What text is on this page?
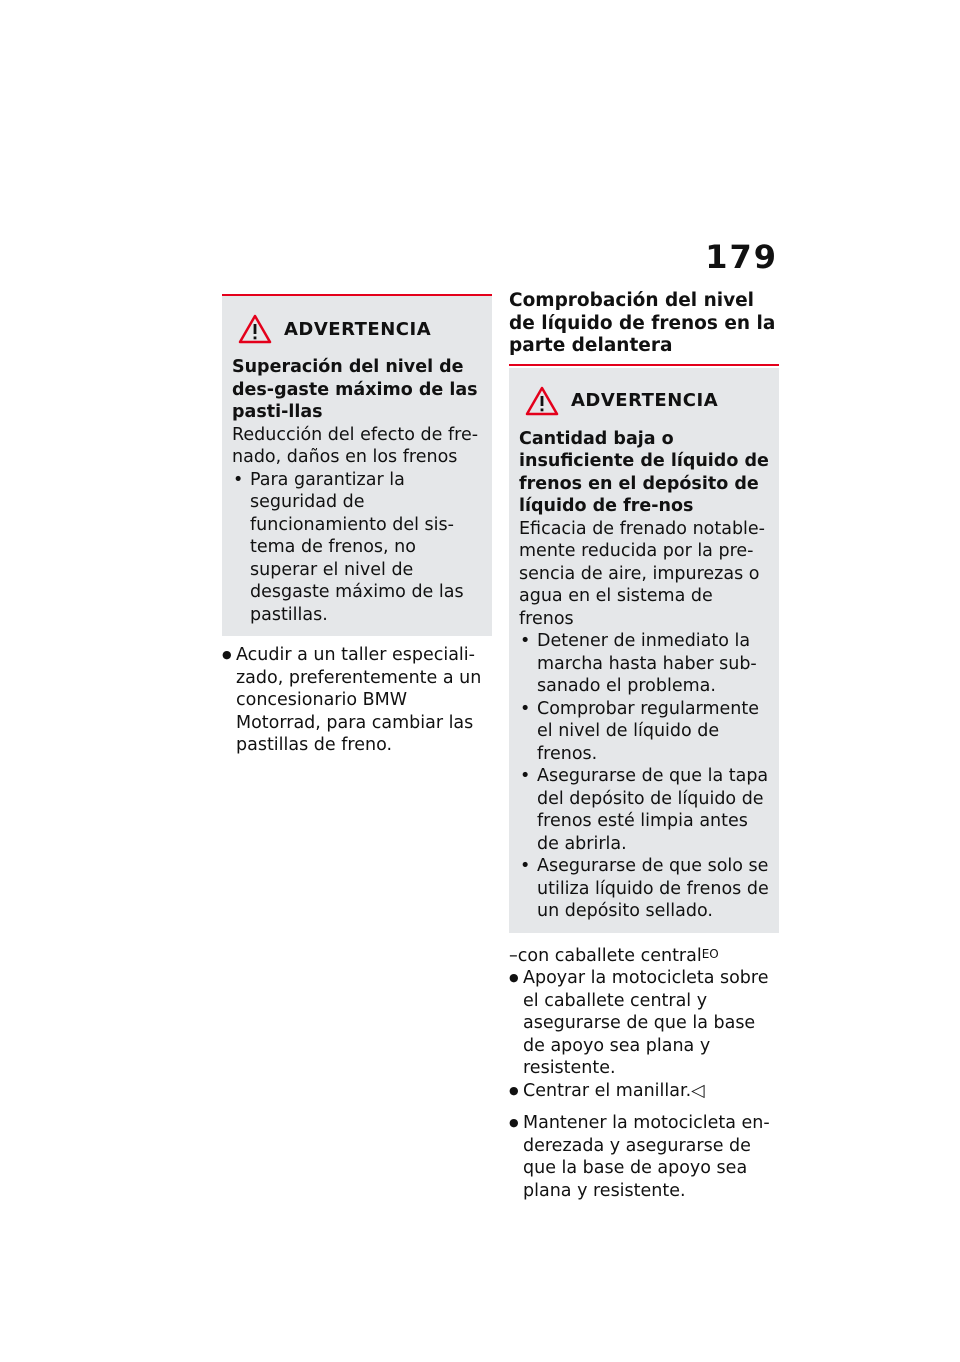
179
ADVERTENCIA
Superación del nivel de des-gaste máximo de las pasti-llas
Reducción del efecto de fre-nado, daños en los frenos
• Para garantizar la seguridad de funcionamiento del sis-tema de frenos, no superar el nivel de desgaste máximo de las pastillas.
● Acudir a un taller especiali-zado, preferentemente a un concesionario BMW Motorrad, para cambiar las pastillas de freno.
Comprobación del nivel de líquido de frenos en la parte delantera
ADVERTENCIA
Cantidad baja o insuficiente de líquido de frenos en el depósito de líquido de fre-nos
Eficacia de frenado notable-mente reducida por la pre-sencia de aire, impurezas o agua en el sistema de frenos
• Detener de inmediato la marcha hasta haber sub-sanado el problema.
• Comprobar regularmente el nivel de líquido de frenos.
• Asegurarse de que la tapa del depósito de líquido de frenos esté limpia antes de abrirla.
• Asegurarse de que solo se utiliza líquido de frenos de un depósito sellado.
–con caballete central$^{EO}$
● Apoyar la motocicleta sobre el caballete central y asegurarse de que la base de apoyo sea plana y resistente.
● Centrar el manillar.◁
● Mantener la motocicleta en-derezada y asegurarse de que la base de apoyo sea plana y resistente.
